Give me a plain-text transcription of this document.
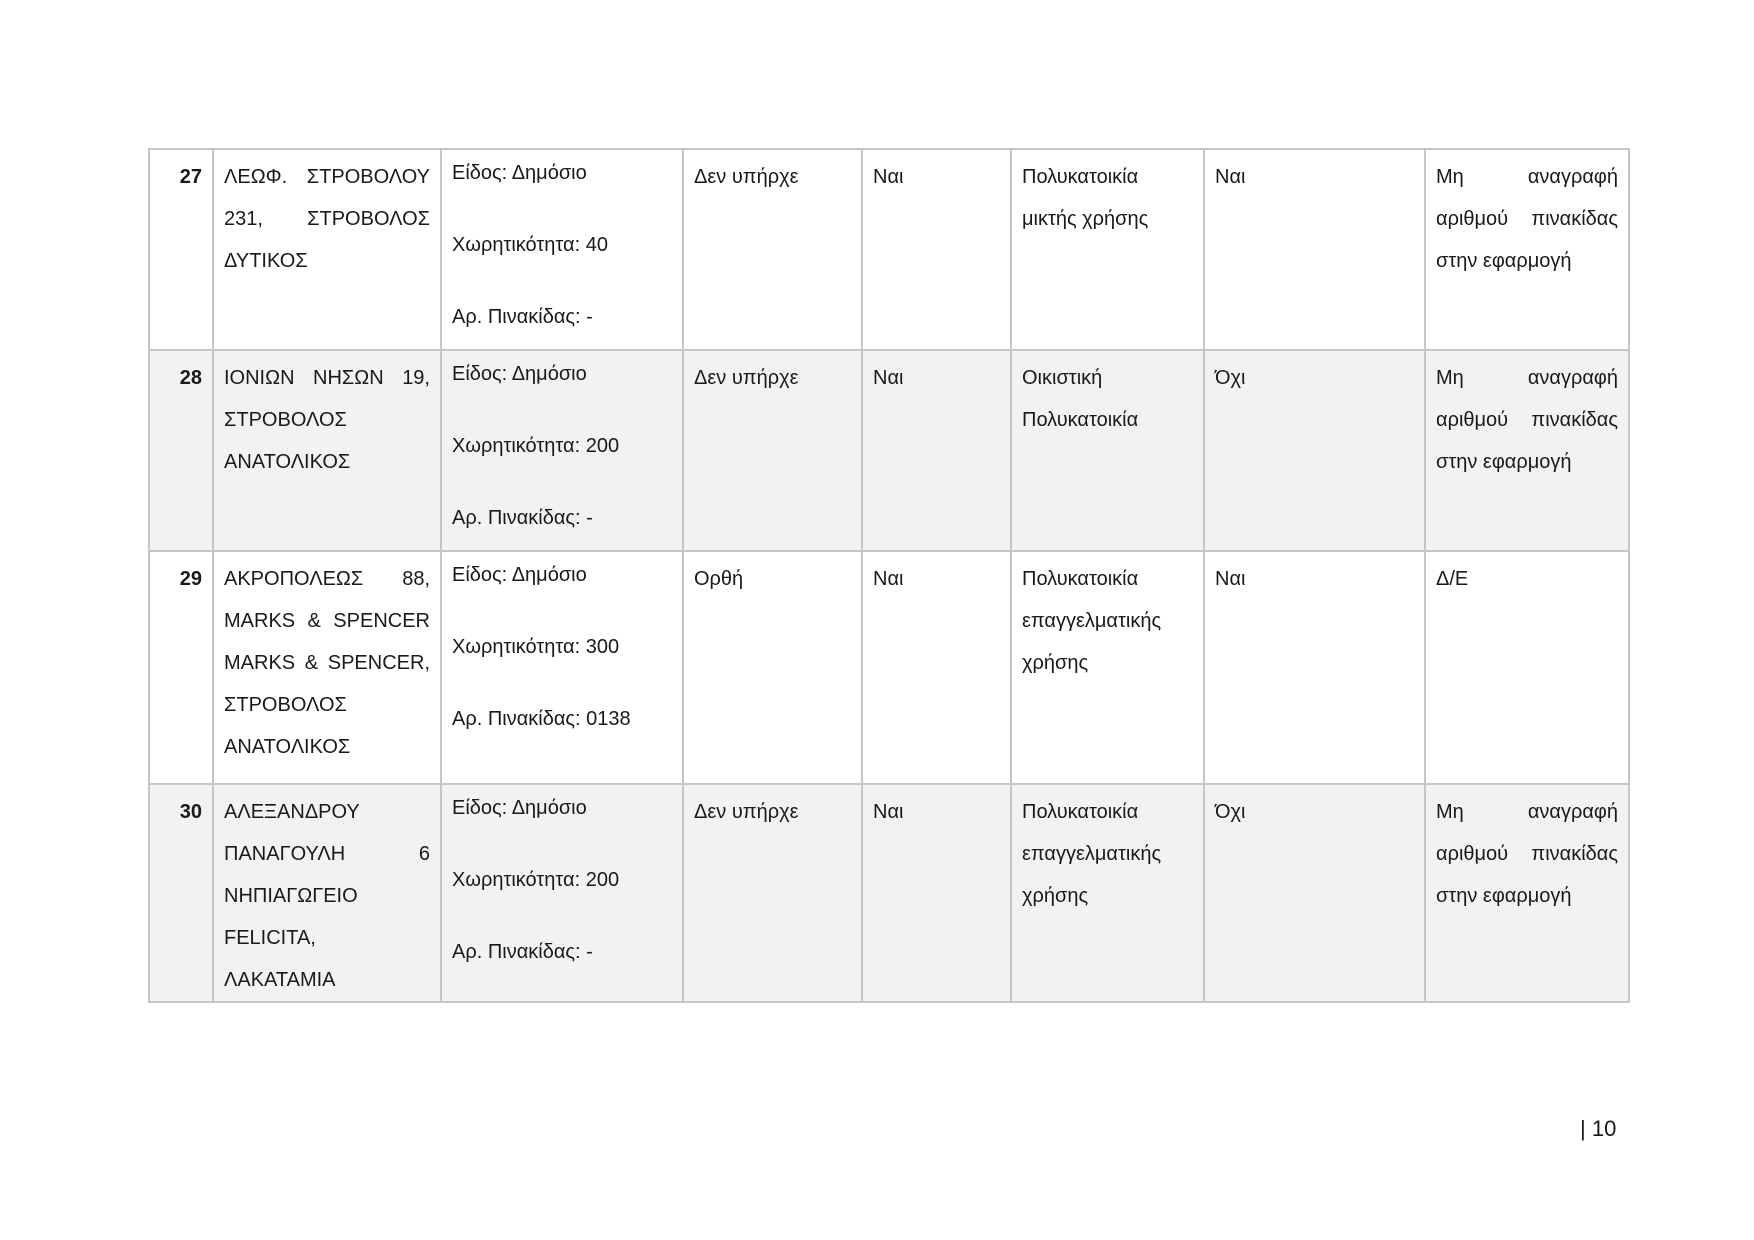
27	ΛΕΩΦ. ΣΤΡΟΒΟΛΟΥ
231, ΣΤΡΟΒΟΛΟΣ
ΔΥΤΙΚΟΣ	Είδος: Δημόσιο
Χωρητικότητα: 40
Αρ. Πινακίδας: -	Δεν υπήρχε	Ναι	Πολυκατοικία
μικτής χρήσης	Ναι	Μη αναγραφή
αριθμού πινακίδας
στην εφαρμογή

28	ΙΟΝΙΩΝ ΝΗΣΩΝ 19,
ΣΤΡΟΒΟΛΟΣ
ΑΝΑΤΟΛΙΚΟΣ	Είδος: Δημόσιο
Χωρητικότητα: 200
Αρ. Πινακίδας: -	Δεν υπήρχε	Ναι	Οικιστική
Πολυκατοικία	Όχι	Μη αναγραφή
αριθμού πινακίδας
στην εφαρμογή

29	ΑΚΡΟΠΟΛΕΩΣ 88,
MARKS & SPENCER
MARKS & SPENCER,
ΣΤΡΟΒΟΛΟΣ
ΑΝΑΤΟΛΙΚΟΣ	Είδος: Δημόσιο
Χωρητικότητα: 300
Αρ. Πινακίδας: 0138	Ορθή	Ναι	Πολυκατοικία
επαγγελματικής
χρήσης	Ναι	Δ/Ε

30	ΑΛΕΞΑΝΔΡΟΥ
ΠΑΝΑΓΟΥΛΗ 6
ΝΗΠΙΑΓΩΓΕΙΟ
FELICITA, ΛΑΚΑΤΑΜΙΑ	Είδος: Δημόσιο
Χωρητικότητα: 200
Αρ. Πινακίδας: -	Δεν υπήρχε	Ναι	Πολυκατοικία
επαγγελματικής
χρήσης	Όχι	Μη αναγραφή
αριθμού πινακίδας
στην εφαρμογή
| 10
